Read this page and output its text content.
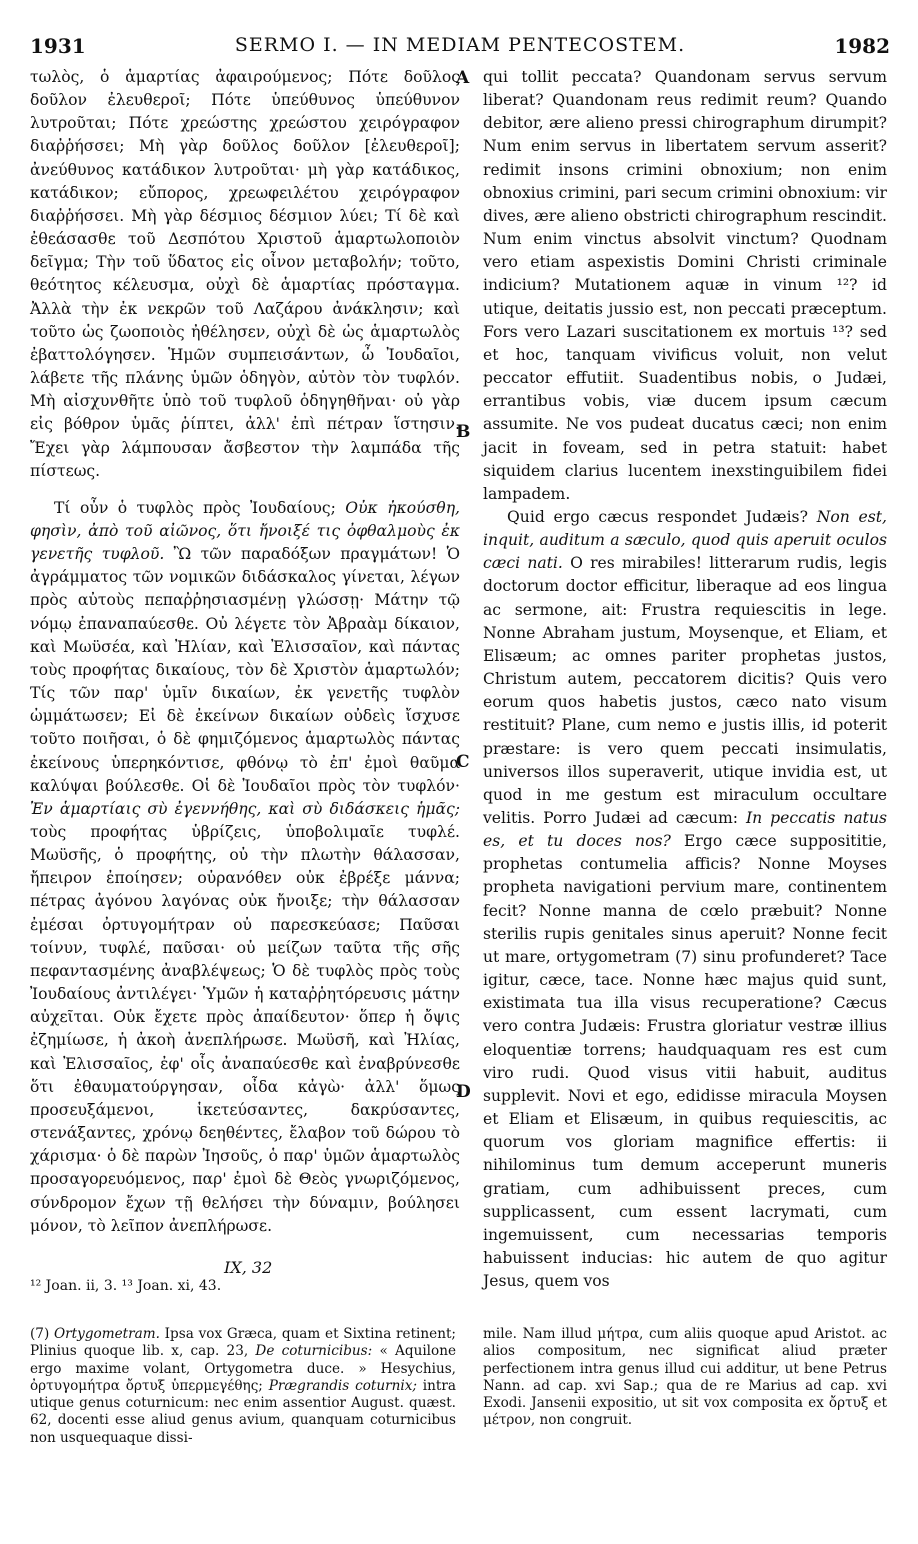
1931	SERMO I. — IN MEDIAM PENTECOSTEM.	1982

τωλὸς, ὁ ἁμαρτίας ἀφαιρούμενος; Πότε δοῦλος δοῦλον ἐλευθεροῖ; Πότε ὑπεύθυνος ὑπεύθυνον λυτροῦται; Πότε χρεώστης χρεώστου χειρόγραφον διαῤῥήσσει; Μὴ γὰρ δοῦλος δοῦλον [ἐλευθεροῖ]; ἀνεύθυνος κατάδικον λυτροῦται· μὴ γὰρ κατάδικος, κατάδικον; εὔπορος, χρεωφειλέτου χειρόγραφον διαῤῥήσσει. Μὴ γὰρ δέσμιος δέσμιον λύει; Τί δὲ καὶ ἐθεάσασθε τοῦ Δεσπότου Χριστοῦ ἁμαρτωλοποιὸν δεῖγμα; Τὴν τοῦ ὕδατος εἰς οἶνον μεταβολήν; τοῦτο, θεότητος κέλευσμα, οὐχὶ δὲ ἁμαρτίας πρόσταγμα. Ἀλλὰ τὴν ἐκ νεκρῶν τοῦ Λαζάρου ἀνάκλησιν; καὶ τοῦτο ὡς ζωοποιὸς ἠθέλησεν, οὐχὶ δὲ ὡς ἁμαρτωλὸς ἐβαττολόγησεν. Ἡμῶν συμπεισάντων, ὦ Ἰουδαῖοι, λάβετε τῆς πλάνης ὑμῶν ὁδηγὸν, αὐτὸν τὸν τυφλόν. Μὴ αἰσχυνθῆτε ὑπὸ τοῦ τυφλοῦ ὁδηγηθῆναι· οὐ γὰρ εἰς βόθρον ὑμᾶς ῥίπτει, ἀλλ' ἐπὶ πέτραν ἵστησιν. Ἔχει γὰρ λάμπουσαν ἄσβεστον τὴν λαμπάδα τῆς πίστεως.

Τί οὖν ὁ τυφλὸς πρὸς Ἰουδαίους; Οὐκ ἠκούσθη, φησὶν, ἀπὸ τοῦ αἰῶνος, ὅτι ἤνοιξέ τις ὀφθαλμοὺς ἐκ γενετῆς τυφλοῦ. Ὢ τῶν παραδόξων πραγμάτων! Ὁ ἀγράμματος τῶν νομικῶν διδάσκαλος γίνεται, λέγων πρὸς αὐτοὺς πεπαῤῥησιασμένῃ γλώσσῃ· Μάτην τῷ νόμῳ ἐπαναπαύεσθε. Οὐ λέγετε τὸν Ἀβραὰμ δίκαιον, καὶ Μωϋσέα, καὶ Ἠλίαν, καὶ Ἐλισσαῖον, καὶ πάντας τοὺς προφήτας δικαίους, τὸν δὲ Χριστὸν ἁμαρτωλόν; Τίς τῶν παρ' ὑμῖν δικαίων, ἐκ γενετῆς τυφλὸν ὠμμάτωσεν; Εἰ δὲ ἐκείνων δικαίων οὐδεὶς ἴσχυσε τοῦτο ποιῆσαι, ὁ δὲ φημιζόμενος ἁμαρτωλὸς πάντας ἐκείνους ὑπερηκόντισε, φθόνῳ τὸ ἐπ' ἐμοὶ θαῦμα καλύψαι βούλεσθε. Οἱ δὲ Ἰουδαῖοι πρὸς τὸν τυφλόν· Ἐν ἁμαρτίαις σὺ ἐγεννήθης, καὶ σὺ διδάσκεις ἡμᾶς; τοὺς προφήτας ὑβρίζεις, ὑποβολιμαῖε τυφλέ. Μωϋσῆς, ὁ προφήτης, οὐ τὴν πλωτὴν θάλασσαν, ἤπειρον ἐποίησεν; οὐρανόθεν οὐκ ἐβρέξε μάννα; πέτρας ἀγόνου λαγόνας οὐκ ἤνοιξε; τὴν θάλασσαν ἐμέσαι ὀρτυγομήτραν οὐ παρεσκεύασε; Παῦσαι τοίνυν, τυφλέ, παῦσαι· οὐ μείζων ταῦτα τῆς σῆς πεφαντασμένης ἀναβλέψεως; Ὁ δὲ τυφλὸς πρὸς τοὺς Ἰουδαίους ἀντιλέγει· Ὑμῶν ἡ καταῤῥητόρευσις μάτην αὐχεῖται. Οὐκ ἔχετε πρὸς ἀπαίδευτον· ὅπερ ἡ ὄψις ἐζημίωσε, ἡ ἀκοὴ ἀνεπλήρωσε. Μωϋσῆ, καὶ Ἠλίας, καὶ Ἐλισσαῖος, ἐφ' οἷς ἀναπαύεσθε καὶ ἐναβρύνεσθε ὅτι ἐθαυματούργησαν, οἶδα κἀγὼ· ἀλλ' ὅμως προσευξάμενοι, ἱκετεύσαντες, δακρύσαντες, στενάξαντες, χρόνῳ δεηθέντες, ἔλαβον τοῦ δώρου τὸ χάρισμα· ὁ δὲ παρὼν Ἰησοῦς, ὁ παρ' ὑμῶν ἁμαρτωλὸς προσαγορευόμενος, παρ' ἐμοὶ δὲ Θεὸς γνωριζόμενος, σύνδρομον ἔχων τῇ θελήσει τὴν δύναμιν, βούλησει μόνον, τὸ λεῖπον ἀνεπλήρωσε.

A
B
C
D

qui tollit peccata? Quandonam servus servum liberat? Quandonam reus redimit reum? Quando debitor, ære alieno pressi chirographum dirumpit? Num enim servus in libertatem servum asserit? redimit insons crimini obnoxium; non enim obnoxius crimini, pari secum crimini obnoxium: vir dives, ære alieno obstricti chirographum rescindit. Num enim vinctus absolvit vinctum? Quodnam vero etiam aspexistis Domini Christi criminale indicium? Mutationem aquæ in vinum ¹²? id utique, deitatis jussio est, non peccati præceptum. Fors vero Lazari suscitationem ex mortuis ¹³? sed et hoc, tanquam vivificus voluit, non velut peccator effutiit. Suadentibus nobis, o Judæi, errantibus vobis, viæ ducem ipsum cæcum assumite. Ne vos pudeat ducatus cæci; non enim jacit in foveam, sed in petra statuit: habet siquidem clarius lucentem inexstinguibilem fidei lampadem.

Quid ergo cæcus respondet Judæis? Non est, inquit, auditum a sæculo, quod quis aperuit oculos cæci nati. O res mirabiles! litterarum rudis, legis doctorum doctor efficitur, liberaque ad eos lingua ac sermone, ait: Frustra requiescitis in lege. Nonne Abraham justum, Moysenque, et Eliam, et Elisæum; ac omnes pariter prophetas justos, Christum autem, peccatorem dicitis? Quis vero eorum quos habetis justos, cæco nato visum restituit? Plane, cum nemo e justis illis, id poterit præstare: is vero quem peccati insimulatis, universos illos superaverit, utique invidia est, ut quod in me gestum est miraculum occultare velitis. Porro Judæi ad cæcum: In peccatis natus es, et tu doces nos? Ergo cæce supposititie, prophetas contumelia afficis? Nonne Moyses propheta navigationi pervium mare, continentem fecit? Nonne manna de cœlo præbuit? Nonne sterilis rupis genitales sinus aperuit? Nonne fecit ut mare, ortygometram (7) sinu profunderet? Tace igitur, cæce, tace. Nonne hæc majus quid sunt, existimata tua illa visus recuperatione? Cæcus vero contra Judæis: Frustra gloriatur vestræ illius eloquentiæ torrens; haudquaquam res est cum viro rudi. Quod visus vitii habuit, auditus supplevit. Novi et ego, edidisse miracula Moysen et Eliam et Elisæum, in quibus requiescitis, ac quorum vos gloriam magnifice effertis: ii nihilominus tum demum acceperunt muneris gratiam, cum adhibuissent preces, cum supplicassent, cum essent lacrymati, cum ingemuissent, cum necessarias temporis habuissent inducias: hic autem de quo agitur Jesus, quem vos

IX, 32
¹² Joan. ii, 3. ¹³ Joan. xi, 43.

(7) Ortygometram. Ipsa vox Græca, quam et Sixtina retinent; Plinius quoque lib. x, cap. 23, De coturnicibus: « Aquilone ergo maxime volant, Ortygometra duce. » Hesychius, ὀρτυγομήτρα ὄρτυξ ὑπερμεγέθης; Prægrandis coturnix; intra utique genus coturnicum: nec enim assentior August. quæst. 62, docenti esse aliud genus avium, quanquam coturnicibus non usquequaque dissi-

mile. Nam illud μήτρα, cum aliis quoque apud Aristot. ac alios compositum, nec significat aliud præter perfectionem intra genus illud cui additur, ut bene Petrus Nann. ad cap. xvi Sap.; qua de re Marius ad cap. xvi Exodi. Jansenii expositio, ut sit vox composita ex ὄρτυξ et μέτρον, non congruit.
